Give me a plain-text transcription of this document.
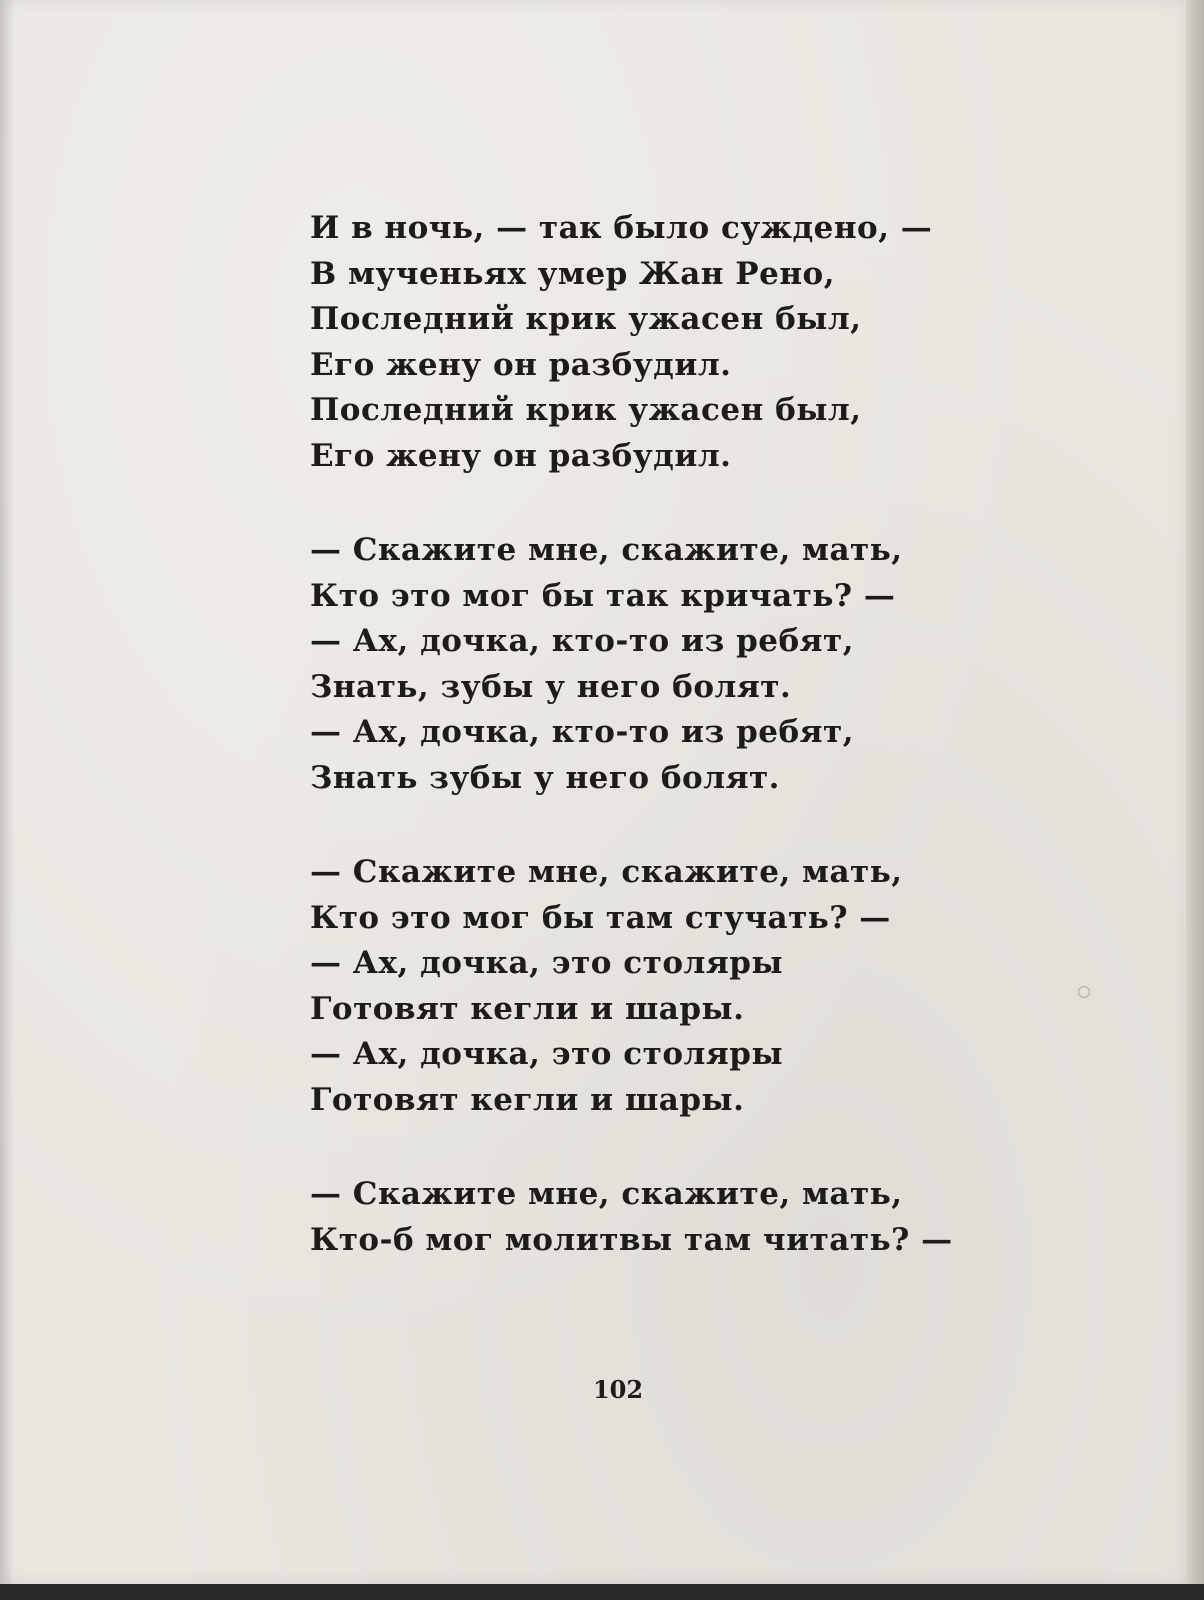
И в ночь, — так было суждено, —
В мученьях умер Жан Рено,
Последний крик ужасен был,
Его жену он разбудил.
Последний крик ужасен был,
Его жену он разбудил.
— Скажите мне, скажите, мать,
Кто это мог бы так кричать? —
— Ах, дочка, кто-то из ребят,
Знать, зубы у него болят.
— Ах, дочка, кто-то из ребят,
Знать зубы у него болят.
— Скажите мне, скажите, мать,
Кто это мог бы там стучать? —
— Ах, дочка, это столяры
Готовят кегли и шары.
— Ах, дочка, это столяры
Готовят кегли и шары.
— Скажите мне, скажите, мать,
Кто-б мог молитвы там читать? —
102
